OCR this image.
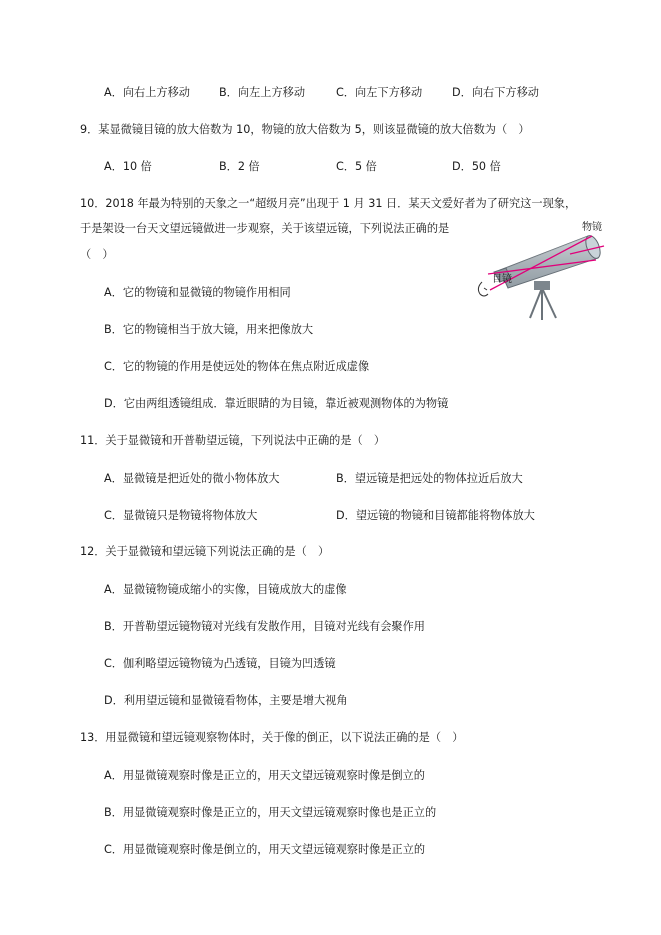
A．向右上方移动	B．向左上方移动	C．向左下方移动	D．向右下方移动
9．某显微镜目镜的放大倍数为 10，物镜的放大倍数为 5，则该显微镜的放大倍数为（　）
A．10 倍	B．2 倍	C．5 倍	D．50 倍
10．2018 年最为特别的天象之一“超级月亮”出现于 1 月 31 日．某天文爱好者为了研究这一现象，
于是架设一台天文望远镜做进一步观察，关于该望远镜，下列说法正确的是
（　）
A．它的物镜和显微镜的物镜作用相同
B．它的物镜相当于放大镜，用来把像放大
C．它的物镜的作用是使远处的物体在焦点附近成虚像
D．它由两组透镜组成．靠近眼睛的为目镜，靠近被观测物体的为物镜
物镜
目镜
11．关于显微镜和开普勒望远镜，下列说法中正确的是（　）
A．显微镜是把近处的微小物体放大	B．望远镜是把远处的物体拉近后放大
C．显微镜只是物镜将物体放大	D．望远镜的物镜和目镜都能将物体放大
12．关于显微镜和望远镜下列说法正确的是（　）
A．显微镜物镜成缩小的实像，目镜成放大的虚像
B．开普勒望远镜物镜对光线有发散作用，目镜对光线有会聚作用
C．伽利略望远镜物镜为凸透镜，目镜为凹透镜
D．利用望远镜和显微镜看物体，主要是增大视角
13．用显微镜和望远镜观察物体时，关于像的倒正，以下说法正确的是（　）
A．用显微镜观察时像是正立的，用天文望远镜观察时像是倒立的
B．用显微镜观察时像是正立的，用天文望远镜观察时像也是正立的
C．用显微镜观察时像是倒立的，用天文望远镜观察时像是正立的
